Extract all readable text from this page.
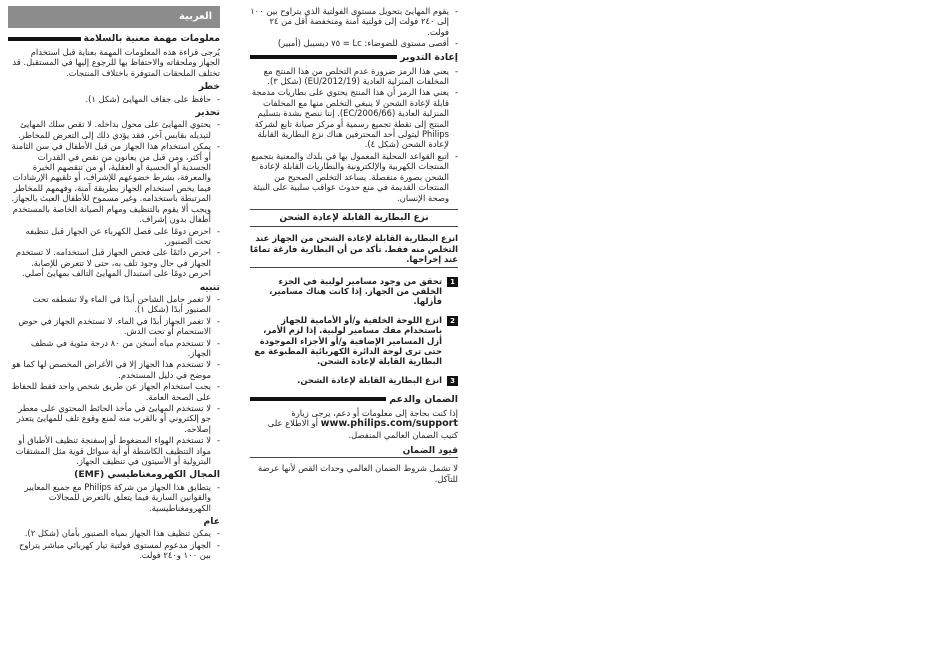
العربية
معلومات مهمة معنية بالسلامة

يُرجى قراءة هذه المعلومات المهمة بعناية قبل استخدام الجهاز وملحقاته والاحتفاظ بها للرجوع إليها في المستقبل. قد تختلف الملحقات المتوفرة باختلاف المنتجات.

خطر
- حافظ على جفاف المهايئ (شكل ١).
تحذير
- يحتوي المهايئ على محول بداخله. لا تقص سلك المهايئ لتبديله بقابس آخر، فقد يؤدي ذلك إلى التعرض للمخاطر.
- يمكن استخدام هذا الجهاز من قبل الأطفال في سن الثامنة أو أكثر، ومن قبل من يعانون من نقص في القدرات الجسدية أو الحسية أو العقلية، أو من تنقصهم الخبرة والمعرفة، بشرط خضوعهم للإشراف، أو تلقيهم الإرشادات فيما يخص استخدام الجهاز بطريقة آمنة، وفهمهم للمخاطر المرتبطة باستخدامه. وغير مسموح للأطفال العبث بالجهاز. ويجب ألا يقوم بالتنظيف ومهام الصيانة الخاصة بالمستخدم أطفال بدون إشراف.
- احرص دومًا على فصل الكهرباء عن الجهاز قبل تنظيفه تحت الصنبور.
- احرص دائمًا على فحص الجهاز قبل استخدامه. لا تستخدم الجهاز في حال وجود تلف به، حتى لا تتعرض للإصابة. احرص دومًا على استبدال المهايئ التالف بمهايئ أصلي.
تنبيه
- لا تغمر حامل الشاحن أبدًا في الماء ولا تشطفه تحت الصنبور أبدًا (شكل ١).
- لا تغمر الجهاز أبدًا في الماء. لا تستخدم الجهاز في حوض الاستحمام أو تحت الدش.
- لا تستخدم مياه أسخن من ٨٠ درجة مئوية في شطف الجهاز.
- لا تستخدم هذا الجهاز إلا في الأغراض المخصص لها كما هو موضح في دليل المستخدم.
- يجب استخدام الجهاز عن طريق شخص واحد فقط للحفاظ على الصحة العامة.
- لا تستخدم المهايئ في مأخذ الحائط المحتوي على معطر جو إلكتروني أو بالقرب منه لمنع وقوع تلف للمهايئ يتعذر إصلاحه.
- لا تستخدم الهواء المضغوط أو إسفنجة تنظيف الأطباق أو مواد التنظيف الكاشطة أو أية سوائل قوية مثل المشتقات البترولية أو الأسيتون في تنظيف الجهاز.
المجال الكهرومغناطيسي (EMF)
- يتطابق هذا الجهاز من شركة Philips مع جميع المعايير والقوانين السارية فيما يتعلق بالتعرض للمجالات الكهرومغناطيسية.
عام
- يمكن تنظيف هذا الجهاز بمياه الصنبور بأمان (شكل ٢).
- الجهاز مدعوم لمستوى فولتية تيار كهربائي مباشر يتراوح بين ١٠٠ و٢٤٠ فولت.
- يقوم المهايئ بتحويل مستوى الفولتية الذي يتراوح بين ١٠٠ إلى ٢٤٠ فولت إلى فولتية آمنة ومنخفضة أقل من ٢٤ فولت.
- أقصى مستوى للضوضاء: Lc = ٧٥ ديسيبل (أمبير)
إعادة التدوير
- يعني هذا الرمز ضرورة عدم التخلص من هذا المنتج مع المخلفات المنزلية العادية (2012/19/EU) (شكل ٣).
- يعني هذا الرمز أن هذا المنتج يحتوي على بطاريات مدمجة قابلة لإعادة الشحن لا ينبغي التخلص منها مع المخلفات المنزلية العادية (2006/66/EC). إننا ننصح بشدة بتسليم المنتج إلى نقطة تجميع رسمية أو مركز صيانة تابع لشركة Philips ليتولى أحد المحترفين هناك نزع البطارية القابلة لإعادة الشحن (شكل ٤).
- اتبع القواعد المحلية المعمول بها في بلدك والمعنية بتجميع المنتجات الكهربية والإلكترونية والبطاريات القابلة لإعادة الشحن بصورة منفصلة. يساعد التخلص الصحيح من المنتجات القديمة في منع حدوث عواقب سلبية على البيئة وصحة الإنسان.
نزع البطارية القابلة لإعادة الشحن

انزع البطارية القابلة لإعادة الشحن من الجهاز عند التخلص منه فقط. تأكد من أن البطارية فارغة تمامًا عند إخراجها.

1
تحقق من وجود مسامير لولبية في الجزء الخلفي من الجهاز. إذا كانت هناك مسامير، فأزلها.
2
انزع اللوحة الخلفية و/أو الأمامية للجهاز باستخدام مفك مسامير لولبية. إذا لزم الأمر، أزل المسامير الإضافية و/أو الأجزاء الموجودة حتى ترى لوحة الدائرة الكهربائية المطبوعة مع البطارية القابلة لإعادة الشحن.
3
انزع البطارية القابلة لإعادة الشحن.
الضمان والدعم

إذا كنت بحاجة إلى معلومات أو دعم، يرجى زيارة www.philips.com/support أو الاطلاع على كتيب الضمان العالمي المنفصل.

قيود الضمان

لا تشمل شروط الضمان العالمي وحدات القص لأنها عرضة للتآكل.
